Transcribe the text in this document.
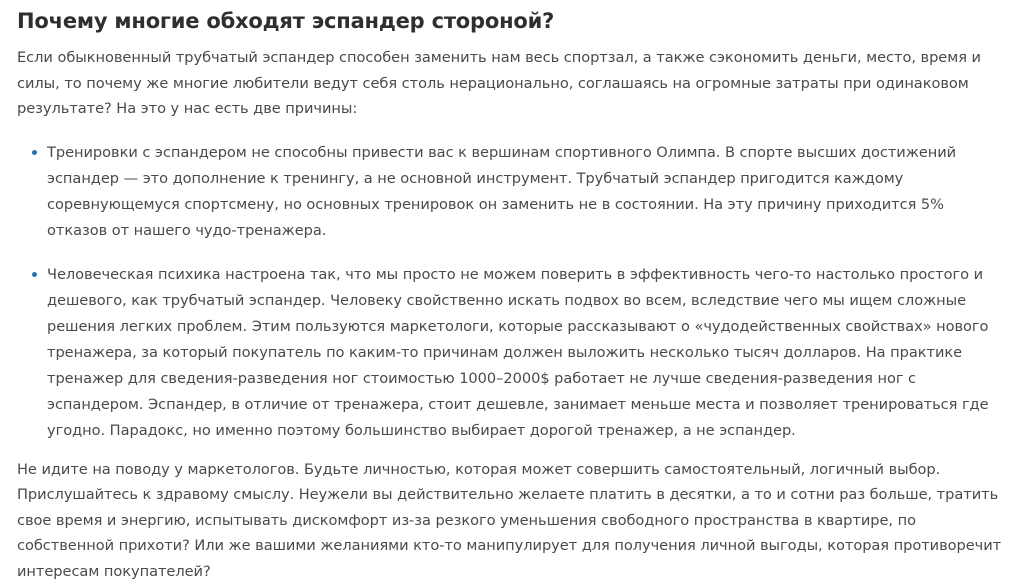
Почему многие обходят эспандер стороной?

Если обыкновенный трубчатый эспандер способен заменить нам весь спортзал, а также сэкономить деньги, место, время и силы, то почему же многие любители ведут себя столь нерационально, соглашаясь на огромные затраты при одинаковом результате? На это у нас есть две причины:

Тренировки с эспандером не способны привести вас к вершинам спортивного Олимпа. В спорте высших достижений эспандер — это дополнение к тренингу, а не основной инструмент. Трубчатый эспандер пригодится каждому соревнующемуся спортсмену, но основных тренировок он заменить не в состоянии. На эту причину приходится 5% отказов от нашего чудо-тренажера.
Человеческая психика настроена так, что мы просто не можем поверить в эффективность чего-то настолько простого и дешевого, как трубчатый эспандер. Человеку свойственно искать подвох во всем, вследствие чего мы ищем сложные решения легких проблем. Этим пользуются маркетологи, которые рассказывают о «чудодейственных свойствах» нового тренажера, за который покупатель по каким-то причинам должен выложить несколько тысяч долларов. На практике тренажер для сведения-разведения ног стоимостью 1000–2000$ работает не лучше сведения-разведения ног с эспандером. Эспандер, в отличие от тренажера, стоит дешевле, занимает меньше места и позволяет тренироваться где угодно. Парадокс, но именно поэтому большинство выбирает дорогой тренажер, а не эспандер.

Не идите на поводу у маркетологов. Будьте личностью, которая может совершить самостоятельный, логичный выбор. Прислушайтесь к здравому смыслу. Неужели вы действительно желаете платить в десятки, а то и сотни раз больше, тратить свое время и энергию, испытывать дискомфорт из-за резкого уменьшения свободного пространства в квартире, по собственной прихоти? Или же вашими желаниями кто-то манипулирует для получения личной выгоды, которая противоречит интересам покупателей?
